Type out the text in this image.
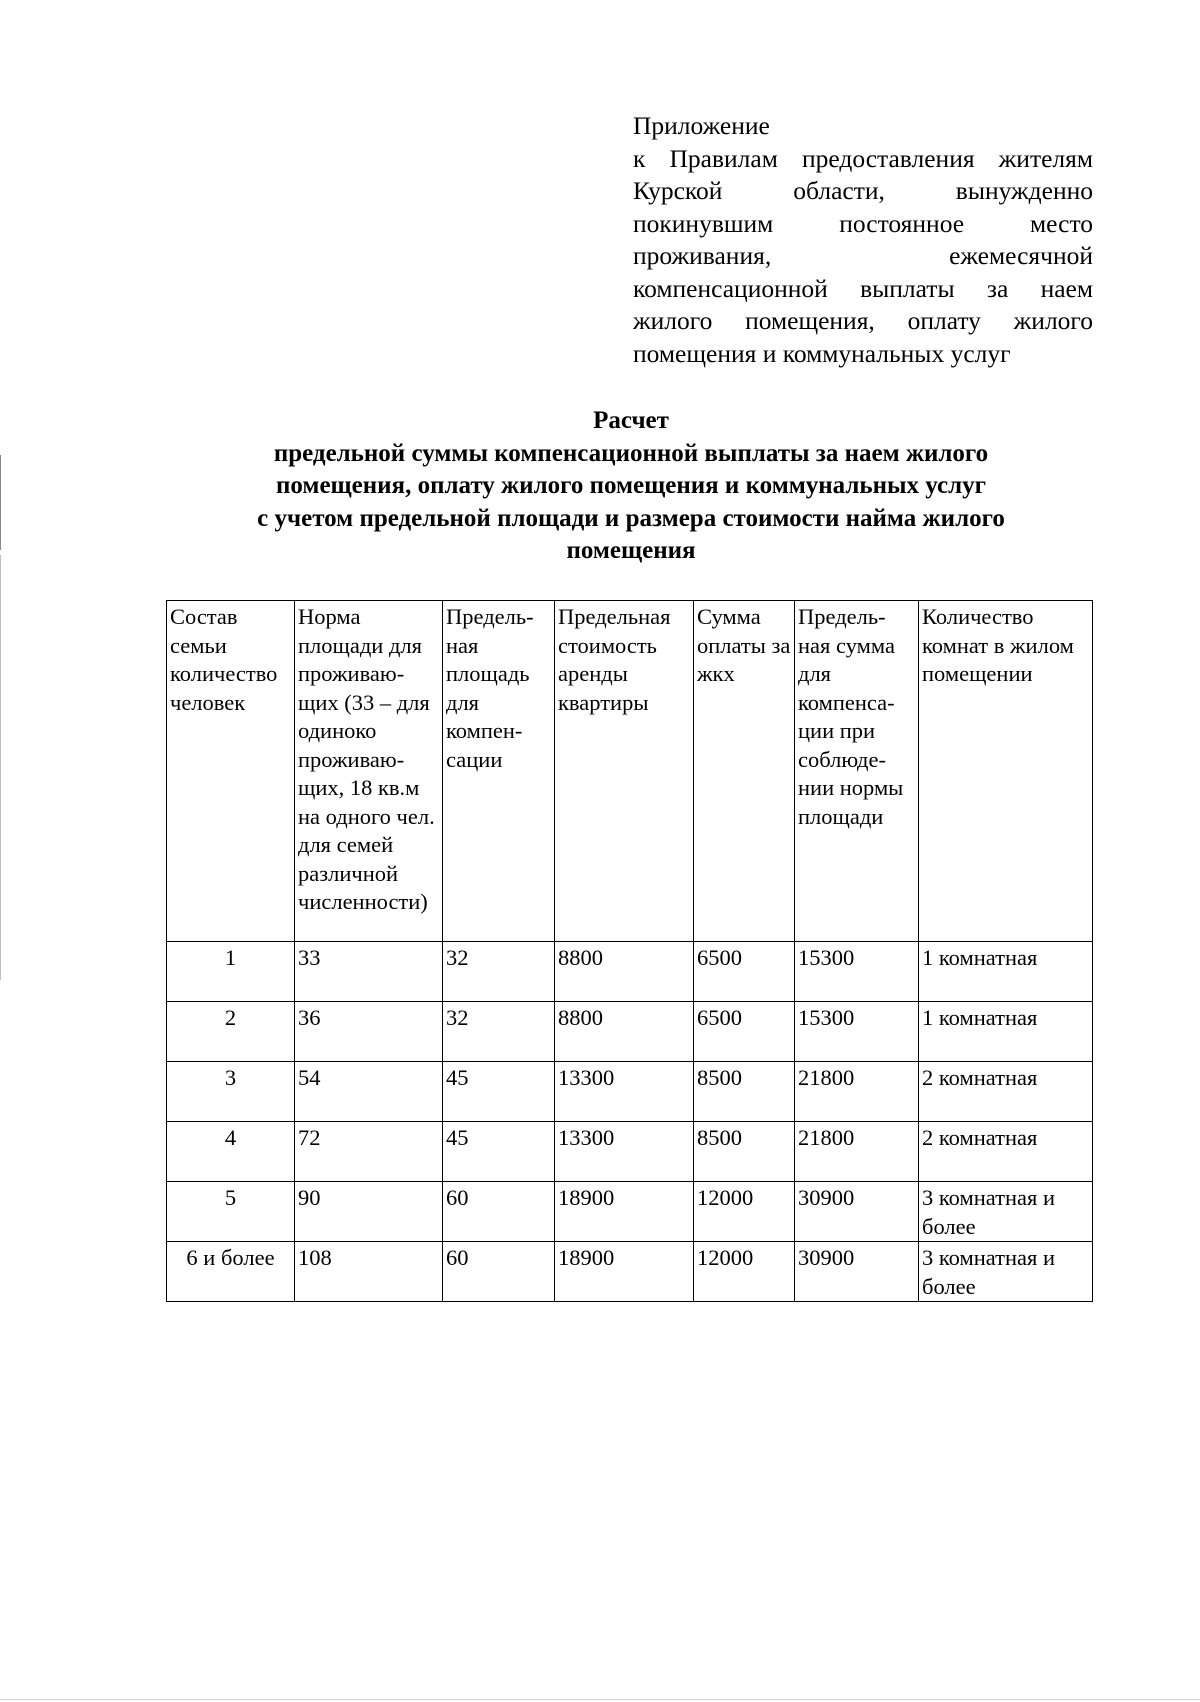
Приложение
к Правилам предоставления жителям Курской области, вынужденно покинувшим постоянное место проживания, ежемесячной компенсационной выплаты за наем жилого помещения, оплату жилого помещения и коммунальных услуг
Расчет
предельной суммы компенсационной выплаты за наем жилого
помещения, оплату жилого помещения и коммунальных услуг
с учетом предельной площади и размера стоимости найма жилого
помещения
Состав семьи количество человек	Норма площади для проживаю-щих (33 – для одиноко проживаю-щих, 18 кв.м на одного чел. для семей различной численности)	Предель-ная площадь для компен-сации	Предельная стоимость аренды квартиры	Сумма оплаты за жкх	Предель-ная сумма для компенса-ции при соблюде-нии нормы площади	Количество комнат в жилом помещении
1	33	32	8800	6500	15300	1 комнатная
2	36	32	8800	6500	15300	1 комнатная
3	54	45	13300	8500	21800	2 комнатная
4	72	45	13300	8500	21800	2 комнатная
5	90	60	18900	12000	30900	3 комнатная и более
6 и более	108	60	18900	12000	30900	3 комнатная и более
